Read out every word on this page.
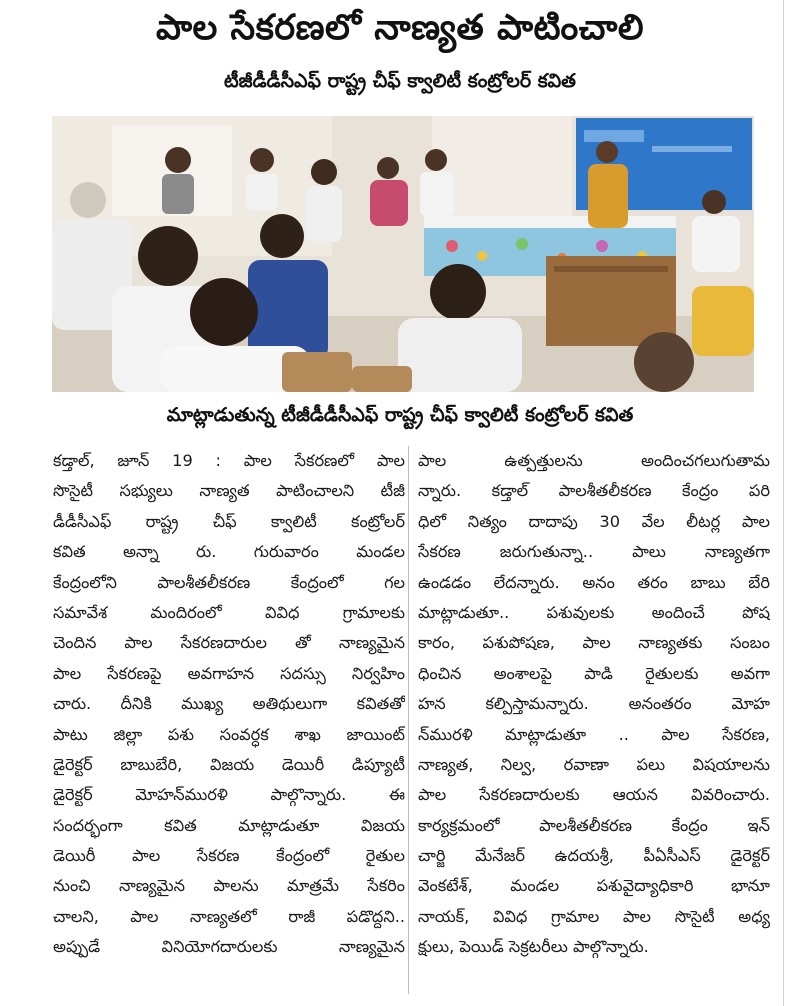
పాల సేకరణలో నాణ్యత పాటించాలి
టీజీడీడీసీఎఫ్ రాష్ట్ర చీఫ్ క్వాలిటీ కంట్రోలర్ కవిత

మాట్లాడుతున్న టీజీడీడీసీఎఫ్ రాష్ట్ర చీఫ్ క్వాలిటీ కంట్రోలర్ కవిత

కడ్తాల్, జూన్ 19 : పాల సేకరణలో పాల
సొసైటీ సభ్యులు నాణ్యత పాటించాలని టీజీ
డీడీసీఎఫ్ రాష్ట్ర చీఫ్ క్వాలిటీ కంట్రోలర్
కవిత అన్నా రు. గురువారం మండల
కేంద్రంలోని పాలశీతలీకరణ కేంద్రంలో గల
సమావేశ మందిరంలో వివిధ గ్రామాలకు
చెందిన పాల సేకరణదారుల తో నాణ్యమైన
పాల సేకరణపై అవగాహన సదస్సు నిర్వహిం
చారు. దీనికి ముఖ్య అతిథులుగా కవితతో
పాటు జిల్లా పశు సంవర్ధక శాఖ జాయింట్
డైరెక్టర్ బాబుబేరి, విజయ డెయిరీ డిప్యూటీ
డైరెక్టర్ మోహన్‌మురళి పాల్గొన్నారు. ఈ
సందర్భంగా కవిత మాట్లాడుతూ విజయ
డెయిరీ పాల సేకరణ కేంద్రంలో రైతుల
నుంచి నాణ్యమైన పాలను మాత్రమే సేకరిం
చాలని, పాల నాణ్యతలో రాజీ పడొద్దని..
అప్పుడే వినియోగదారులకు నాణ్యమైన
పాల ఉత్పత్తులను అందించగలుగుతామ
న్నారు. కడ్తాల్ పాలశీతలీకరణ కేంద్రం పరి
ధిలో నిత్యం దాదాపు 30 వేల లీటర్ల పాల
సేకరణ జరుగుతున్నా.. పాలు నాణ్యతగా
ఉండడం లేదన్నారు. అనం తరం బాబు బేరి
మాట్లాడుతూ.. పశువులకు అందించే పోష
కారం, పశుపోషణ, పాల నాణ్యతకు సంబం
ధించిన అంశాలపై పాడి రైతులకు అవగా
హన కల్పిస్తామన్నారు. అనంతరం మోహ
న్‌మురళి మాట్లాడుతూ .. పాల సేకరణ,
నాణ్యత, నిల్వ, రవాణా పలు విషయాలను
పాల సేకరణదారులకు ఆయన వివరించారు.
కార్యక్రమంలో పాలశీతలీకరణ కేంద్రం ఇన్
చార్జి మేనేజర్ ఉదయశ్రీ, పీఏసీఎస్ డైరెక్టర్
వెంకటేశ్, మండల పశువైద్యాధికారి భానూ
నాయక్, వివిధ గ్రామాల పాల సొసైటీ అధ్య
క్షులు, పెయిడ్ సెక్రటరీలు పాల్గొన్నారు.
